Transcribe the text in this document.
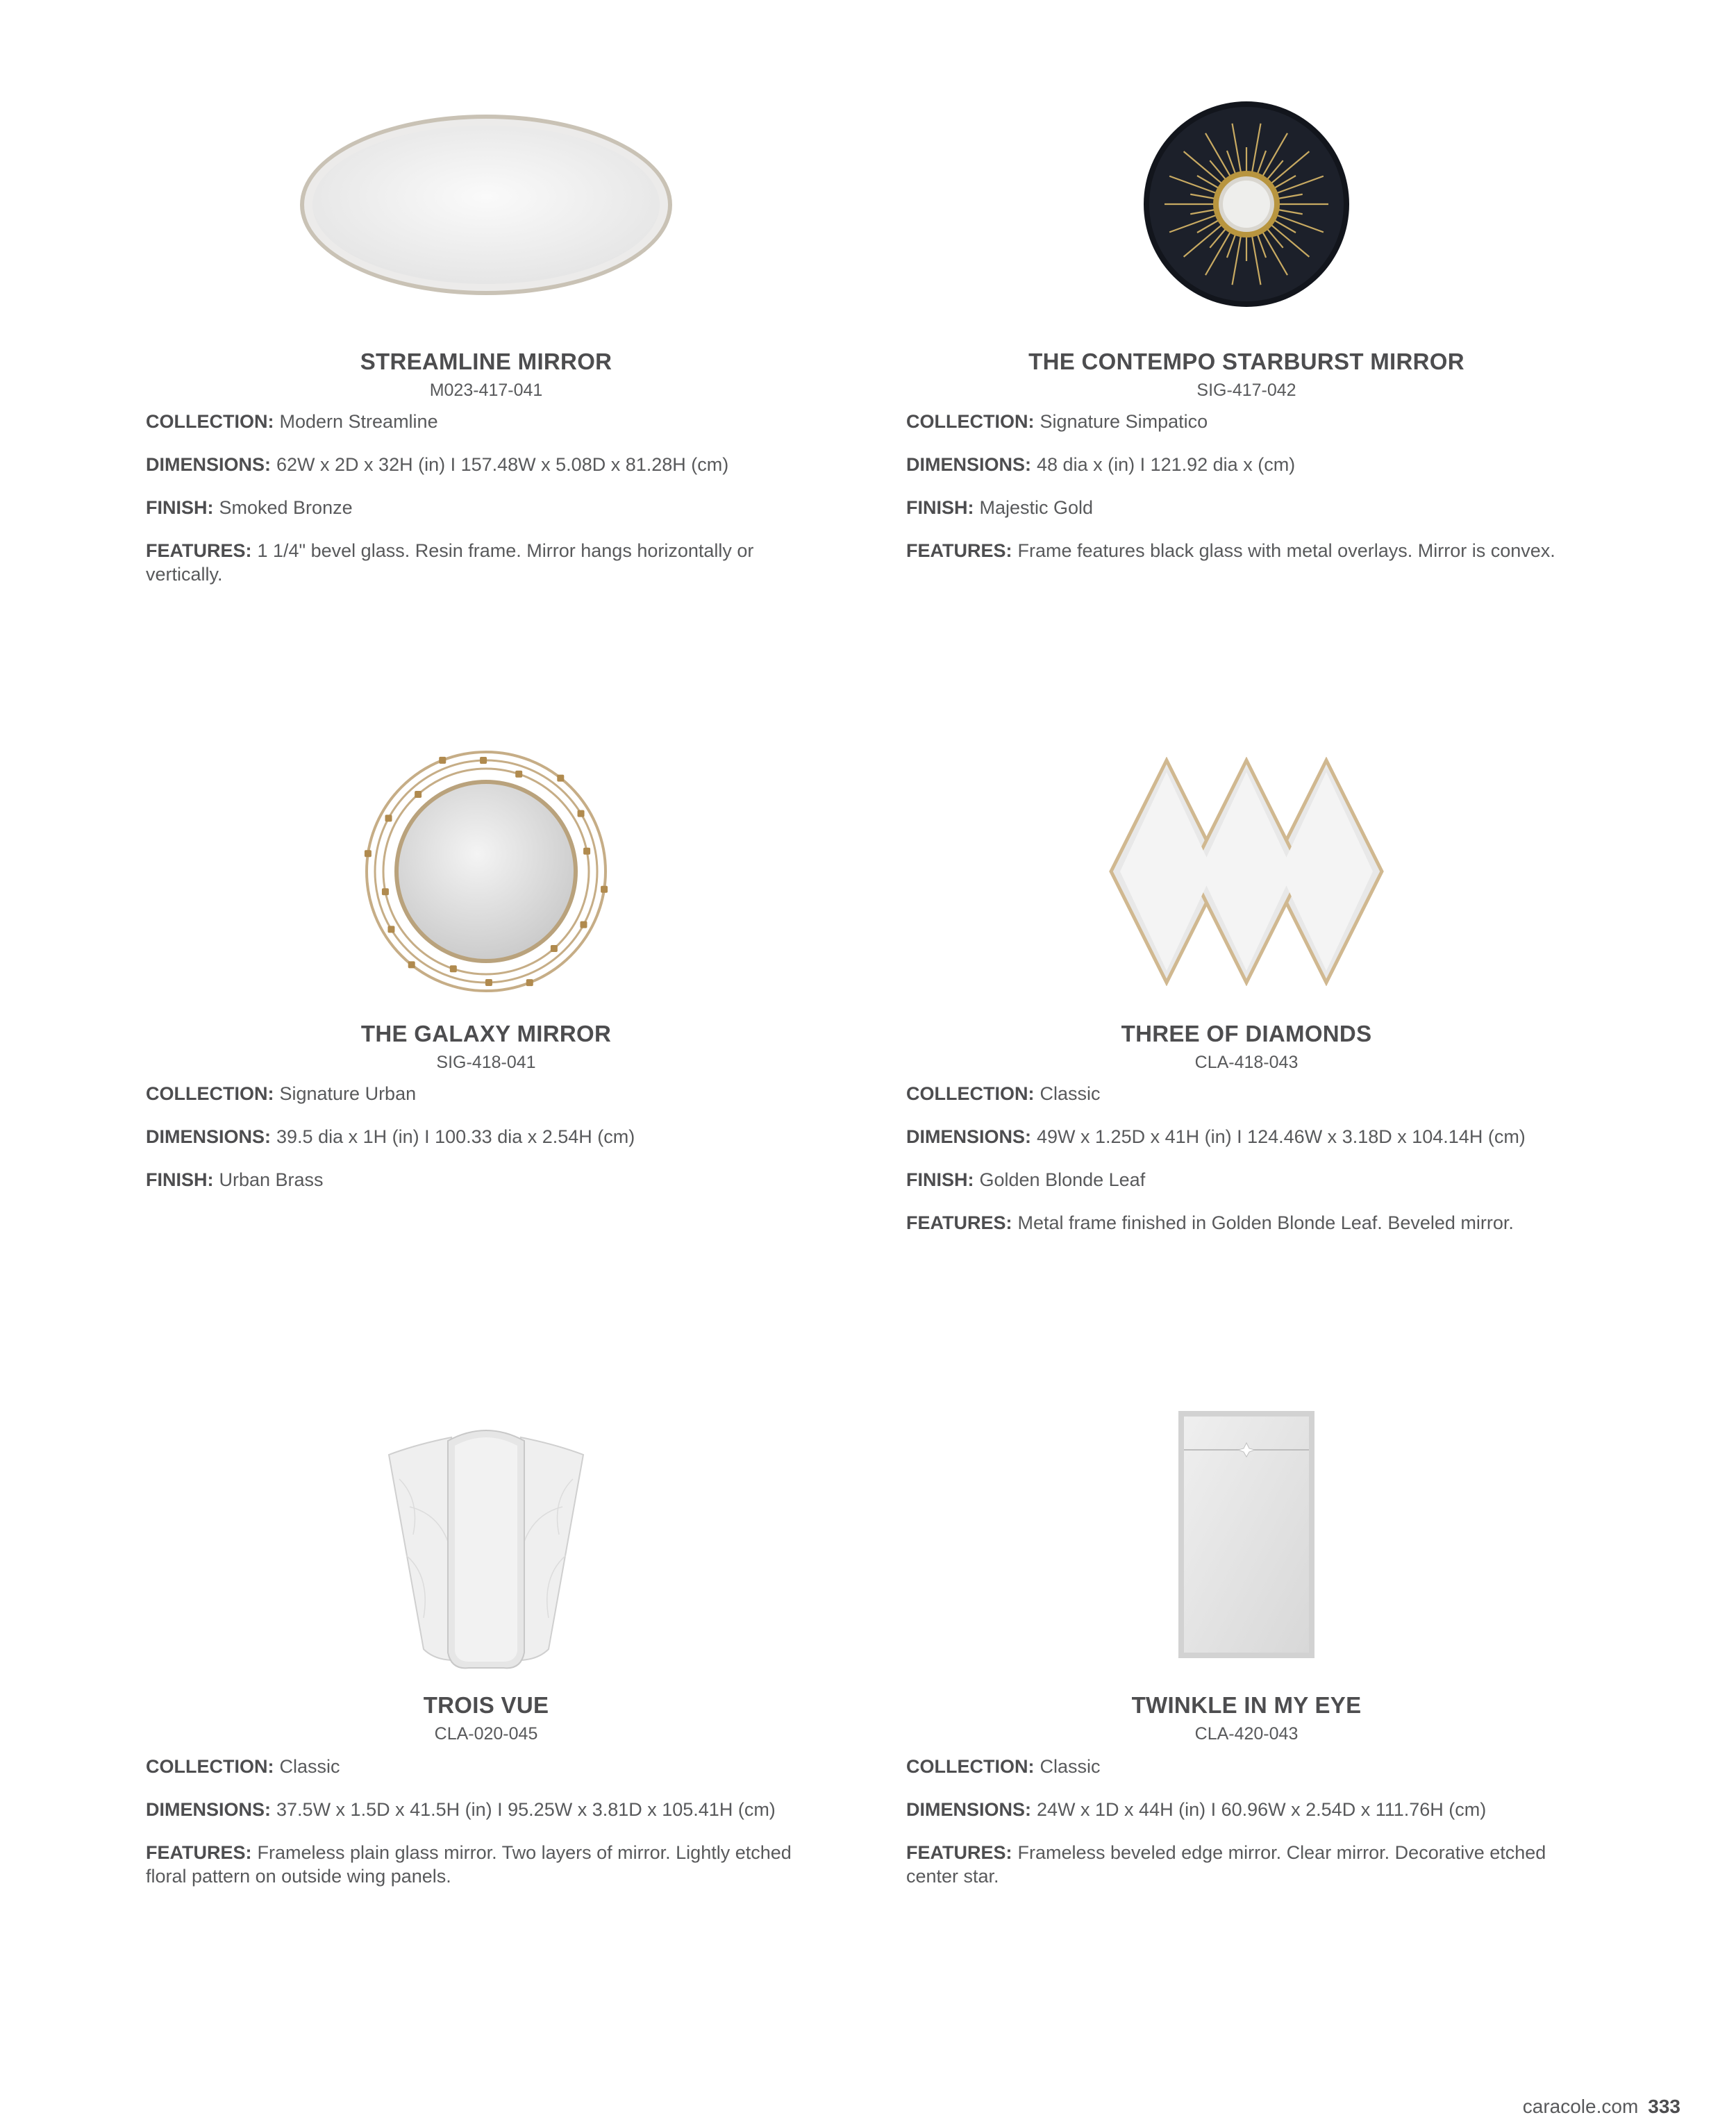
STREAMLINE MIRROR
M023-417-041
COLLECTION: Modern Streamline
DIMENSIONS: 62W x 2D x 32H (in) I 157.48W x 5.08D x 81.28H (cm)
FINISH: Smoked Bronze
FEATURES: 1 1/4" bevel glass. Resin frame. Mirror hangs horizontally or vertically.
THE CONTEMPO STARBURST MIRROR
SIG-417-042
COLLECTION: Signature Simpatico
DIMENSIONS: 48 dia x (in) I 121.92 dia x (cm)
FINISH: Majestic Gold
FEATURES: Frame features black glass with metal overlays. Mirror is convex.
THE GALAXY MIRROR
SIG-418-041
COLLECTION: Signature Urban
DIMENSIONS: 39.5 dia x 1H (in) I 100.33 dia x 2.54H (cm)
FINISH: Urban Brass
THREE OF DIAMONDS
CLA-418-043
COLLECTION: Classic
DIMENSIONS: 49W x 1.25D x 41H (in) I 124.46W x 3.18D x 104.14H (cm)
FINISH: Golden Blonde Leaf
FEATURES: Metal frame finished in Golden Blonde Leaf. Beveled mirror.
TROIS VUE
CLA-020-045
COLLECTION: Classic
DIMENSIONS: 37.5W x 1.5D x 41.5H (in) I 95.25W x 3.81D x 105.41H (cm)
FEATURES: Frameless plain glass mirror. Two layers of mirror. Lightly etched floral pattern on outside wing panels.
TWINKLE IN MY EYE
CLA-420-043
COLLECTION: Classic
DIMENSIONS: 24W x 1D x 44H (in) I 60.96W x 2.54D x 111.76H (cm)
FEATURES: Frameless beveled edge mirror. Clear mirror. Decorative etched center star.
caracole.com 333
